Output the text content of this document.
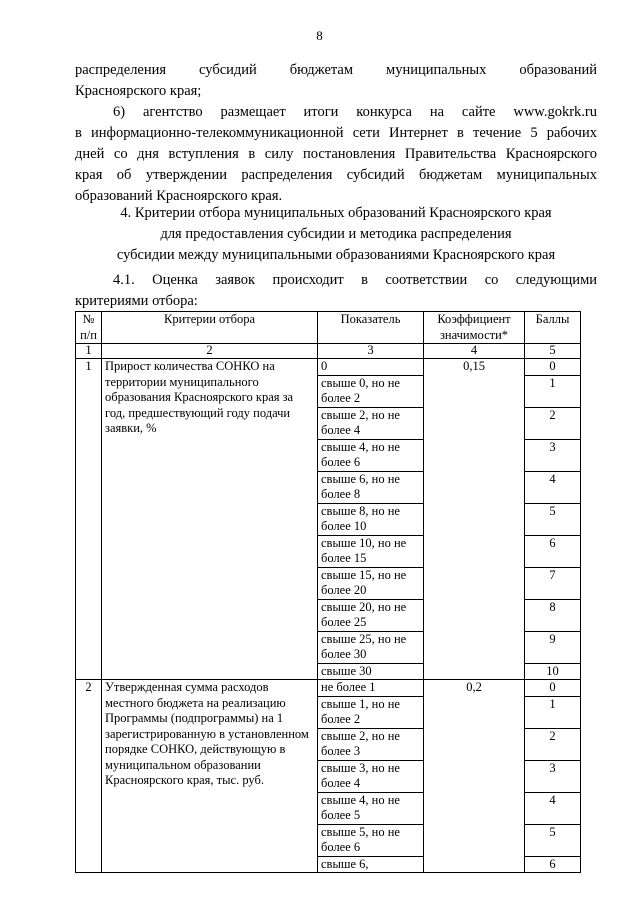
8
распределения субсидий бюджетам муниципальных образований
Красноярского края;
6) агентство размещает итоги конкурса на сайте www.gokrk.ru
в информационно-телекоммуникационной сети Интернет в течение 5 рабочих
дней со дня вступления в силу постановления Правительства Красноярского
края об утверждении распределения субсидий бюджетам муниципальных
образований Красноярского края.
4. Критерии отбора муниципальных образований Красноярского края
для предоставления субсидии и методика распределения
субсидии между муниципальными образованиями Красноярского края
4.1. Оценка заявок происходит в соответствии со следующими
критериями отбора:
№ п/п	Критерии отбора	Показатель	Коэффициент значимости*	Баллы
1	2	3	4	5
1	Прирост количества СОНКО на территории муниципального образования Красноярского края за год, предшествующий году подачи заявки, %	0	0,15	0
		свыше 0, но не более 2		1
		свыше 2, но не более 4		2
		свыше 4, но не более 6		3
		свыше 6, но не более 8		4
		свыше 8, но не более 10		5
		свыше 10, но не более 15		6
		свыше 15, но не более 20		7
		свыше 20, но не более 25		8
		свыше 25, но не более 30		9
		свыше 30		10
2	Утвержденная сумма расходов местного бюджета на реализацию Программы (подпрограммы) на 1 зарегистрированную в установленном порядке СОНКО, действующую в муниципальном образовании Красноярского края, тыс. руб.	не более 1	0,2	0
		свыше 1, но не более 2		1
		свыше 2, но не более 3		2
		свыше 3, но не более 4		3
		свыше 4, но не более 5		4
		свыше 5, но не более 6		5
		свыше 6,		6
